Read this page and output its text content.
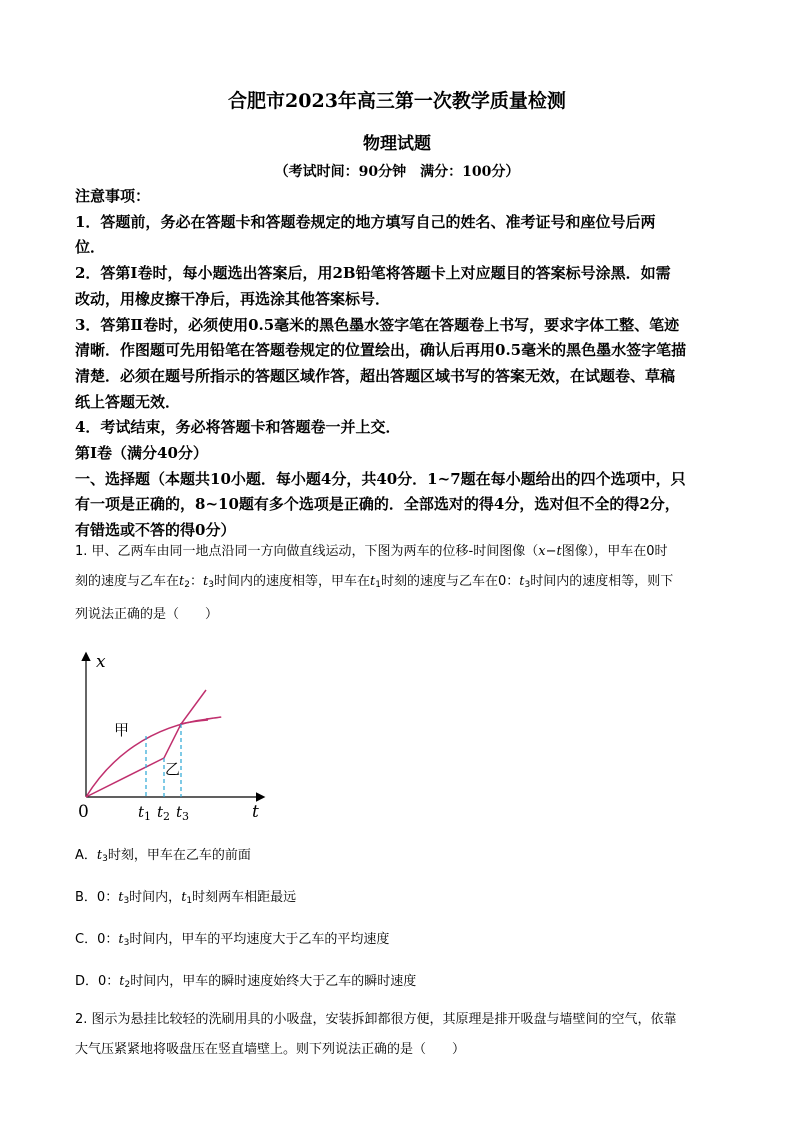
合肥市2023年高三第一次教学质量检测
物理试题
（考试时间：90分钟　满分：100分）
注意事项：
1．答题前，务必在答题卡和答题卷规定的地方填写自己的姓名、准考证号和座位号后两
位．
2．答第Ⅰ卷时，每小题选出答案后，用2B铅笔将答题卡上对应题目的答案标号涂黑．如需
改动，用橡皮擦干净后，再选涂其他答案标号．
3．答第Ⅱ卷时，必须使用0.5毫米的黑色墨水签字笔在答题卷上书写，要求字体工整、笔迹
清晰．作图题可先用铅笔在答题卷规定的位置绘出，确认后再用0.5毫米的黑色墨水签字笔描
清楚．必须在题号所指示的答题区域作答，超出答题区域书写的答案无效，在试题卷、草稿
纸上答题无效．
4．考试结束，务必将答题卡和答题卷一并上交．
第Ⅰ卷（满分40分）
一、选择题（本题共10小题．每小题4分，共40分．1~7题在每小题给出的四个选项中，只
有一项是正确的，8~10题有多个选项是正确的．全部选对的得4分，选对但不全的得2分，
有错选或不答的得0分）
1. 甲、乙两车由同一地点沿同一方向做直线运动，下图为两车的位移-时间图像（x−t图像），甲车在0时
刻的速度与乙车在$t_2$：$t_3$时间内的速度相等，甲车在$t_1$时刻的速度与乙车在0：$t_3$时间内的速度相等，则下
列说法正确的是（　　）
x
t
0
甲
乙
$t_1$ $t_2$ $t_3$
A．$t_3$时刻，甲车在乙车的前面
B．0：$t_3$时间内，$t_1$时刻两车相距最远
C．0：$t_3$时间内，甲车的平均速度大于乙车的平均速度
D．0：$t_2$时间内，甲车的瞬时速度始终大于乙车的瞬时速度
2. 图示为悬挂比较轻的洗刷用具的小吸盘，安装拆卸都很方便，其原理是排开吸盘与墙壁间的空气，依靠
大气压紧紧地将吸盘压在竖直墙壁上。则下列说法正确的是（　　）
